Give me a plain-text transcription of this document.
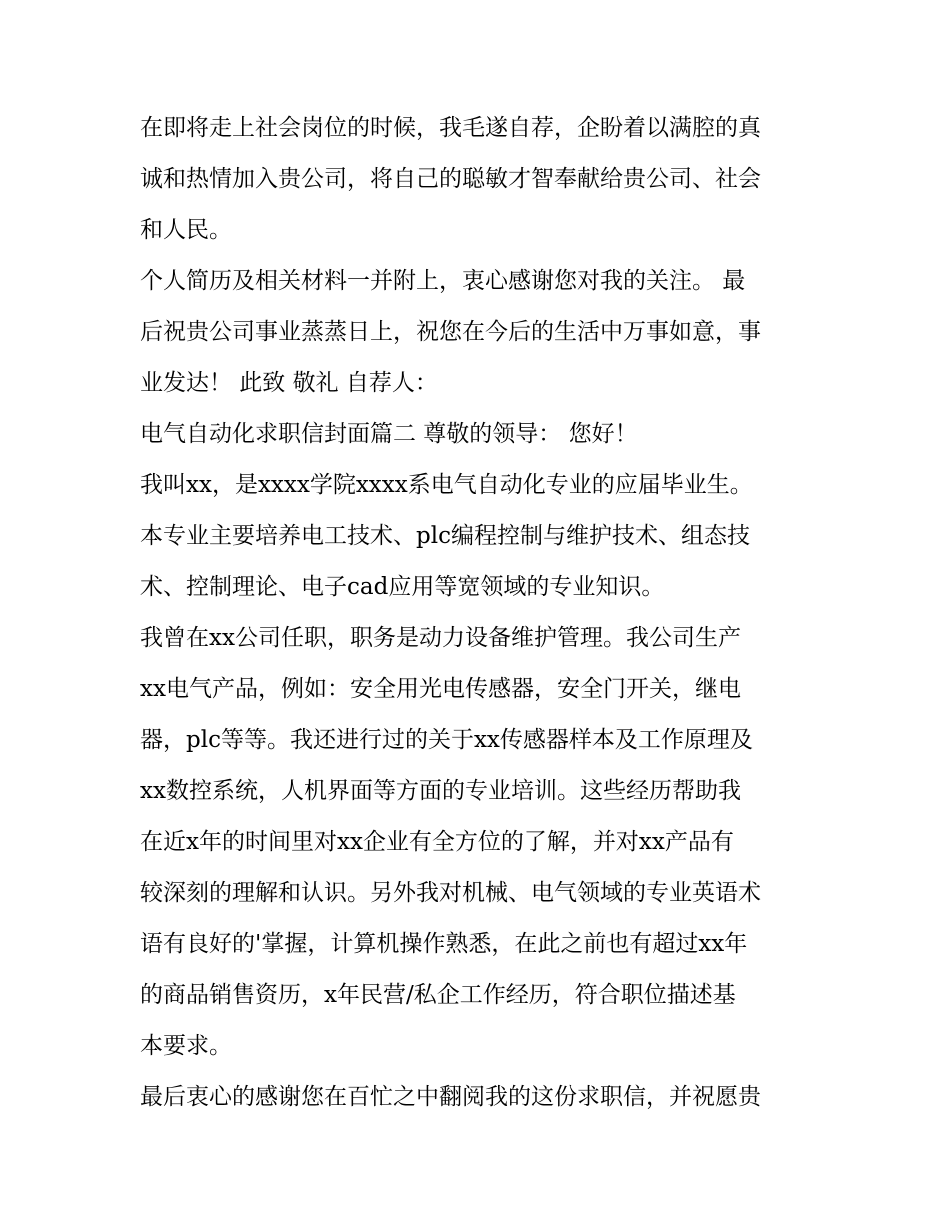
在即将走上社会岗位的时候，我毛遂自荐，企盼着以满腔的真
诚和热情加入贵公司，将自己的聪敏才智奉献给贵公司、社会
和人民。

个人简历及相关材料一并附上，衷心感谢您对我的关注。 最
后祝贵公司事业蒸蒸日上，祝您在今后的生活中万事如意，事
业发达！ 此致 敬礼 自荐人：

电气自动化求职信封面篇二 尊敬的领导： 您好！

我叫xx，是xxxx学院xxxx系电气自动化专业的应届毕业生。
本专业主要培养电工技术、plc编程控制与维护技术、组态技
术、控制理论、电子cad应用等宽领域的专业知识。

我曾在xx公司任职，职务是动力设备维护管理。我公司生产
xx电气产品，例如：安全用光电传感器，安全门开关，继电
器，plc等等。我还进行过的关于xx传感器样本及工作原理及
xx数控系统，人机界面等方面的专业培训。这些经历帮助我
在近x年的时间里对xx企业有全方位的了解，并对xx产品有
较深刻的理解和认识。另外我对机械、电气领域的专业英语术
语有良好的'掌握，计算机操作熟悉，在此之前也有超过xx年
的商品销售资历，x年民营/私企工作经历，符合职位描述基
本要求。

最后衷心的感谢您在百忙之中翻阅我的这份求职信，并祝愿贵
